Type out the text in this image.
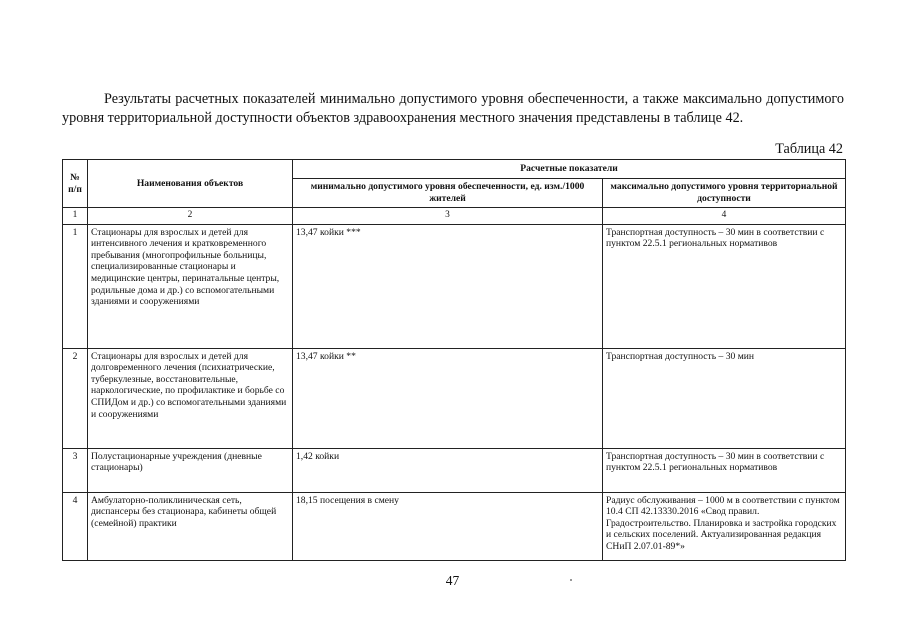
Результаты расчетных показателей минимально допустимого уровня обеспеченности, а также максимально допустимого уровня территориальной доступности объектов здравоохранения местного значения представлены в таблице 42.
Таблица 42
№ п/п	Наименования объектов	Расчетные показатели	
		минимально допустимого уровня обеспеченности, ед. изм./1000 жителей	максимально допустимого уровня территориальной доступности
1	2	3	4
1	Стационары для взрослых и детей для интенсивного лечения и кратковременного пребывания (многопрофильные больницы, специализированные стационары и медицинские центры, перинатальные центры, родильные дома и др.) со вспомогательными зданиями и сооружениями	13,47 койки ***	Транспортная доступность – 30 мин в соответствии с пунктом 22.5.1 региональных нормативов
2	Стационары для взрослых и детей для долговременного лечения (психиатрические, туберкулезные, восстановительные, наркологические, по профилактике и борьбе со СПИДом и др.) со вспомогательными зданиями и сооружениями	13,47 койки **	Транспортная доступность – 30 мин
3	Полустационарные учреждения (дневные стационары)	1,42 койки	Транспортная доступность – 30 мин в соответствии с пунктом 22.5.1 региональных нормативов
4	Амбулаторно-поликлиническая сеть, диспансеры без стационара, кабинеты общей (семейной) практики	18,15 посещения в смену	Радиус обслуживания – 1000 м в соответствии с пунктом 10.4 СП 42.13330.2016 «Свод правил. Градостроительство. Планировка и застройка городских и сельских поселений. Актуализированная редакция СНиП 2.07.01-89*»
47
